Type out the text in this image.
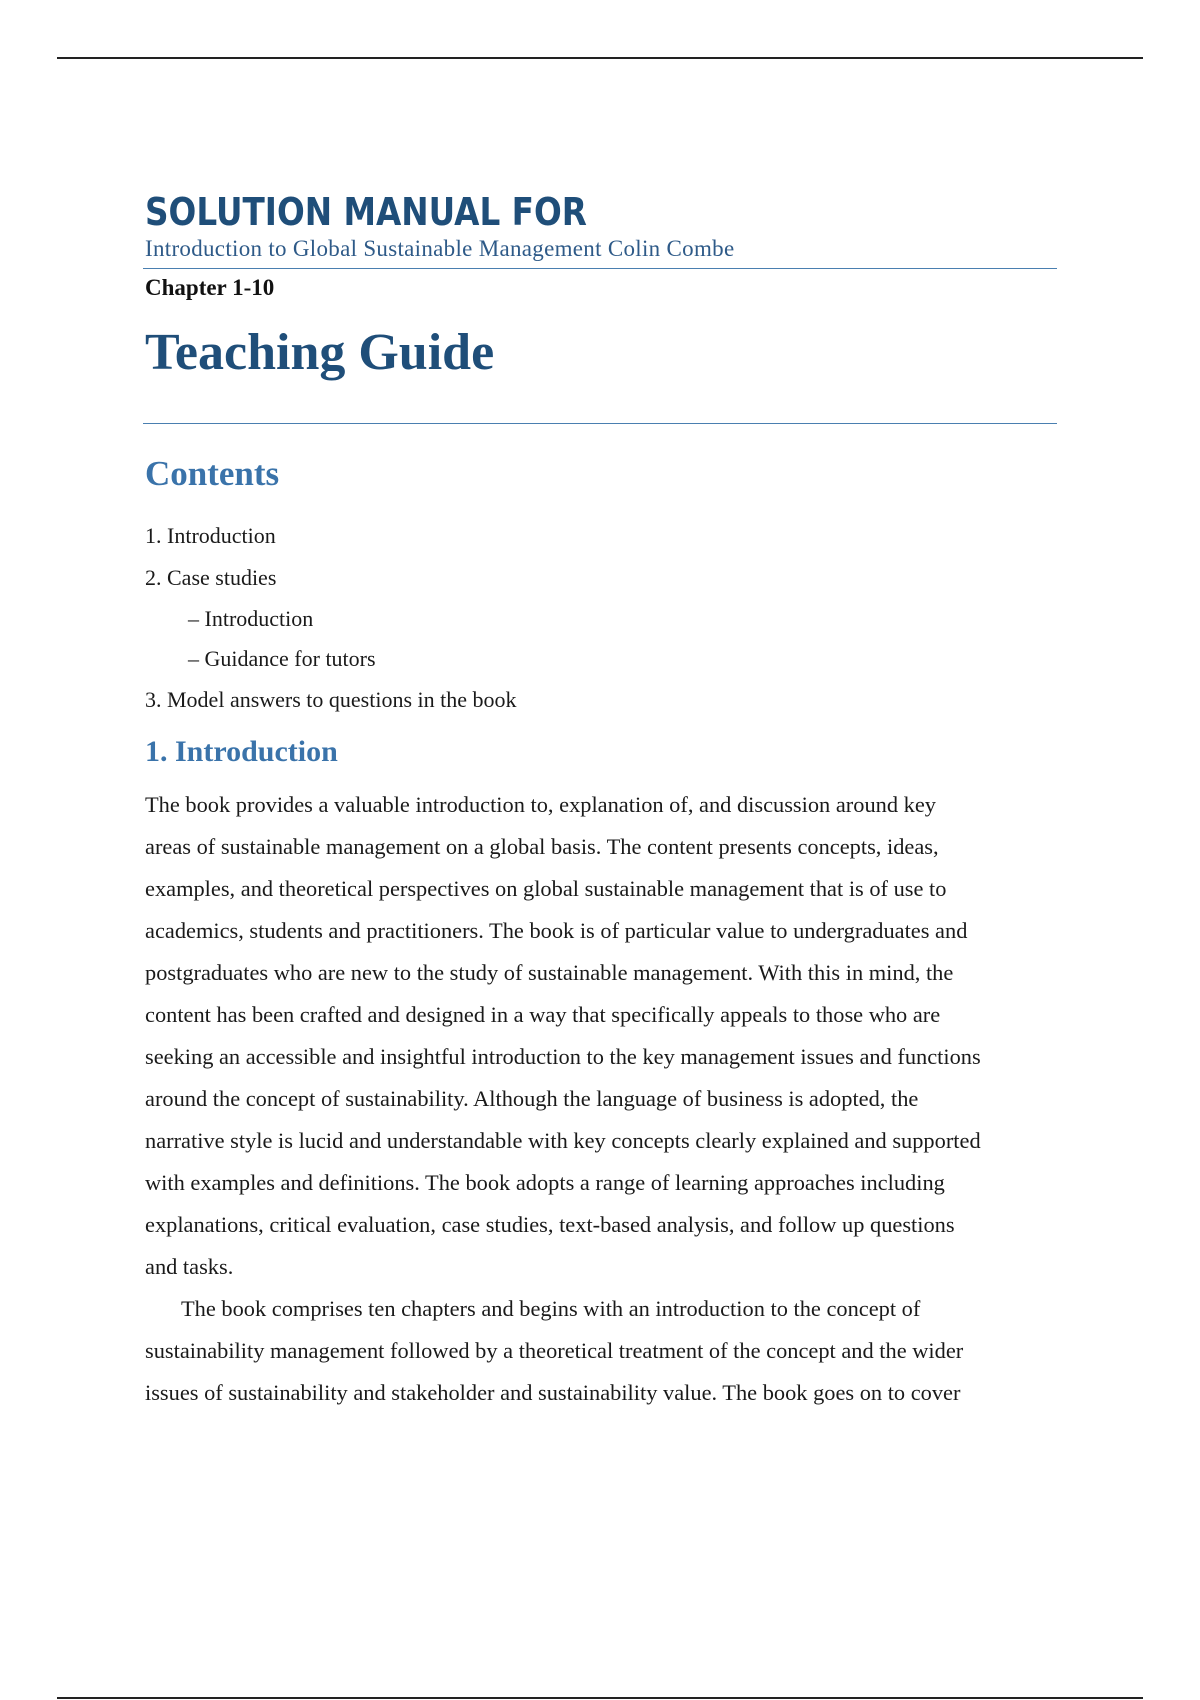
SOLUTION MANUAL FOR

Introduction to Global Sustainable Management Colin Combe

Chapter 1-10

Teaching Guide
Contents
1. Introduction
2. Case studies
– Introduction
– Guidance for tutors
3. Model answers to questions in the book
1. Introduction

The book provides a valuable introduction to, explanation of, and discussion around key
areas of sustainable management on a global basis. The content presents concepts, ideas,
examples, and theoretical perspectives on global sustainable management that is of use to
academics, students and practitioners. The book is of particular value to undergraduates and
postgraduates who are new to the study of sustainable management. With this in mind, the
content has been crafted and designed in a way that specifically appeals to those who are
seeking an accessible and insightful introduction to the key management issues and functions
around the concept of sustainability. Although the language of business is adopted, the
narrative style is lucid and understandable with key concepts clearly explained and supported
with examples and definitions. The book adopts a range of learning approaches including
explanations, critical evaluation, case studies, text-based analysis, and follow up questions
and tasks.

The book comprises ten chapters and begins with an introduction to the concept of
sustainability management followed by a theoretical treatment of the concept and the wider
issues of sustainability and stakeholder and sustainability value. The book goes on to cover
